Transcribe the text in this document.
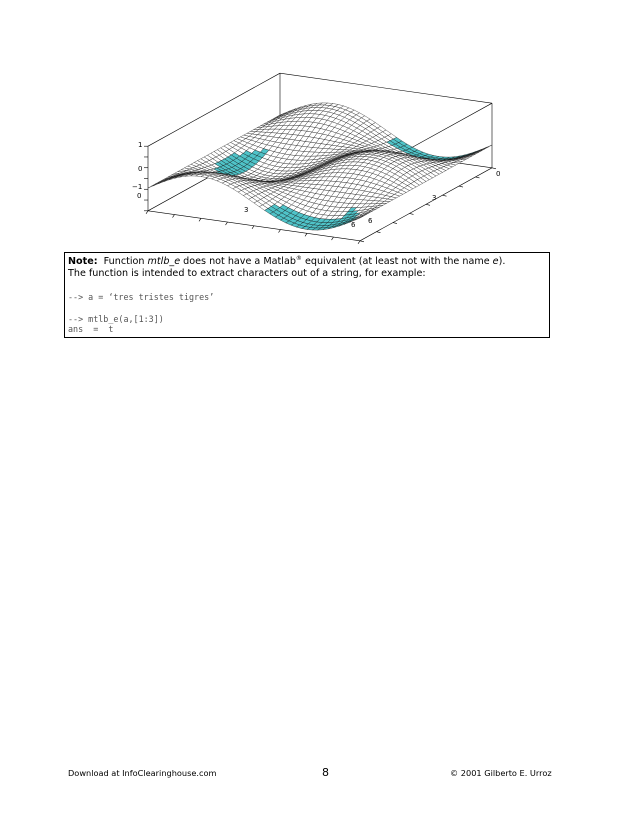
1
0
−1
0
3
6 6
3
0
Note: Function mtlb_e does not have a Matlab® equivalent (at least not with the name e).
The function is intended to extract characters out of a string, for example:
--> a = ‘tres tristes tigres’
--> mtlb_e(a,[1:3])
ans  =  t
Download at InfoClearinghouse.com	8	© 2001 Gilberto E. Urroz
